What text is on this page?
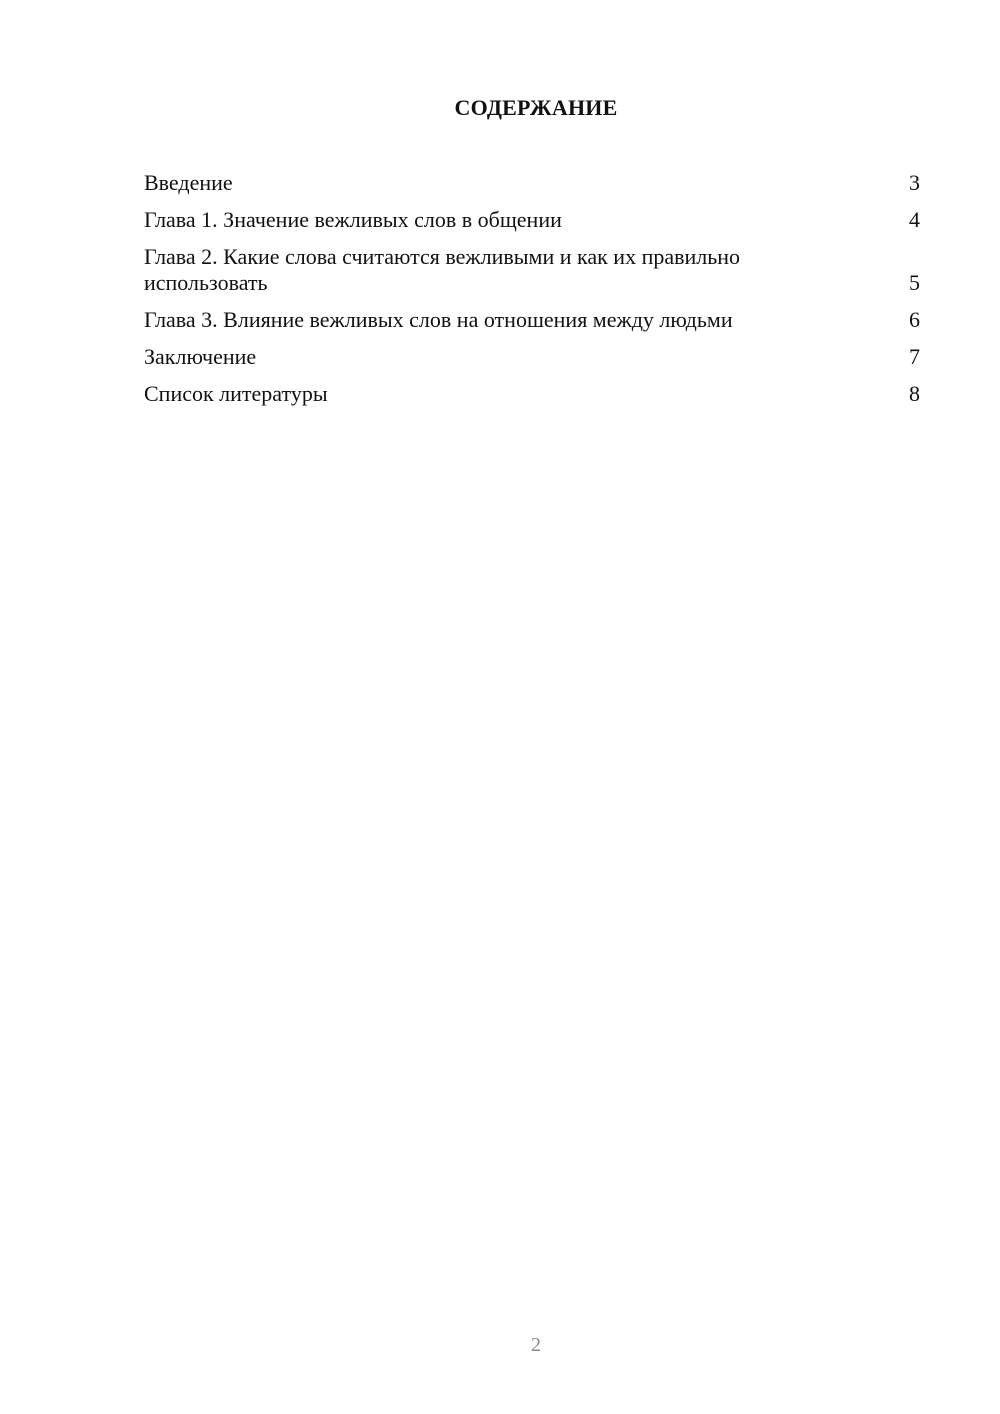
СОДЕРЖАНИЕ
Введение	3
Глава 1. Значение вежливых слов в общении	4
Глава 2. Какие слова считаются вежливыми и как их правильно использовать	5
Глава 3. Влияние вежливых слов на отношения между людьми	6
Заключение	7
Список литературы	8
2
